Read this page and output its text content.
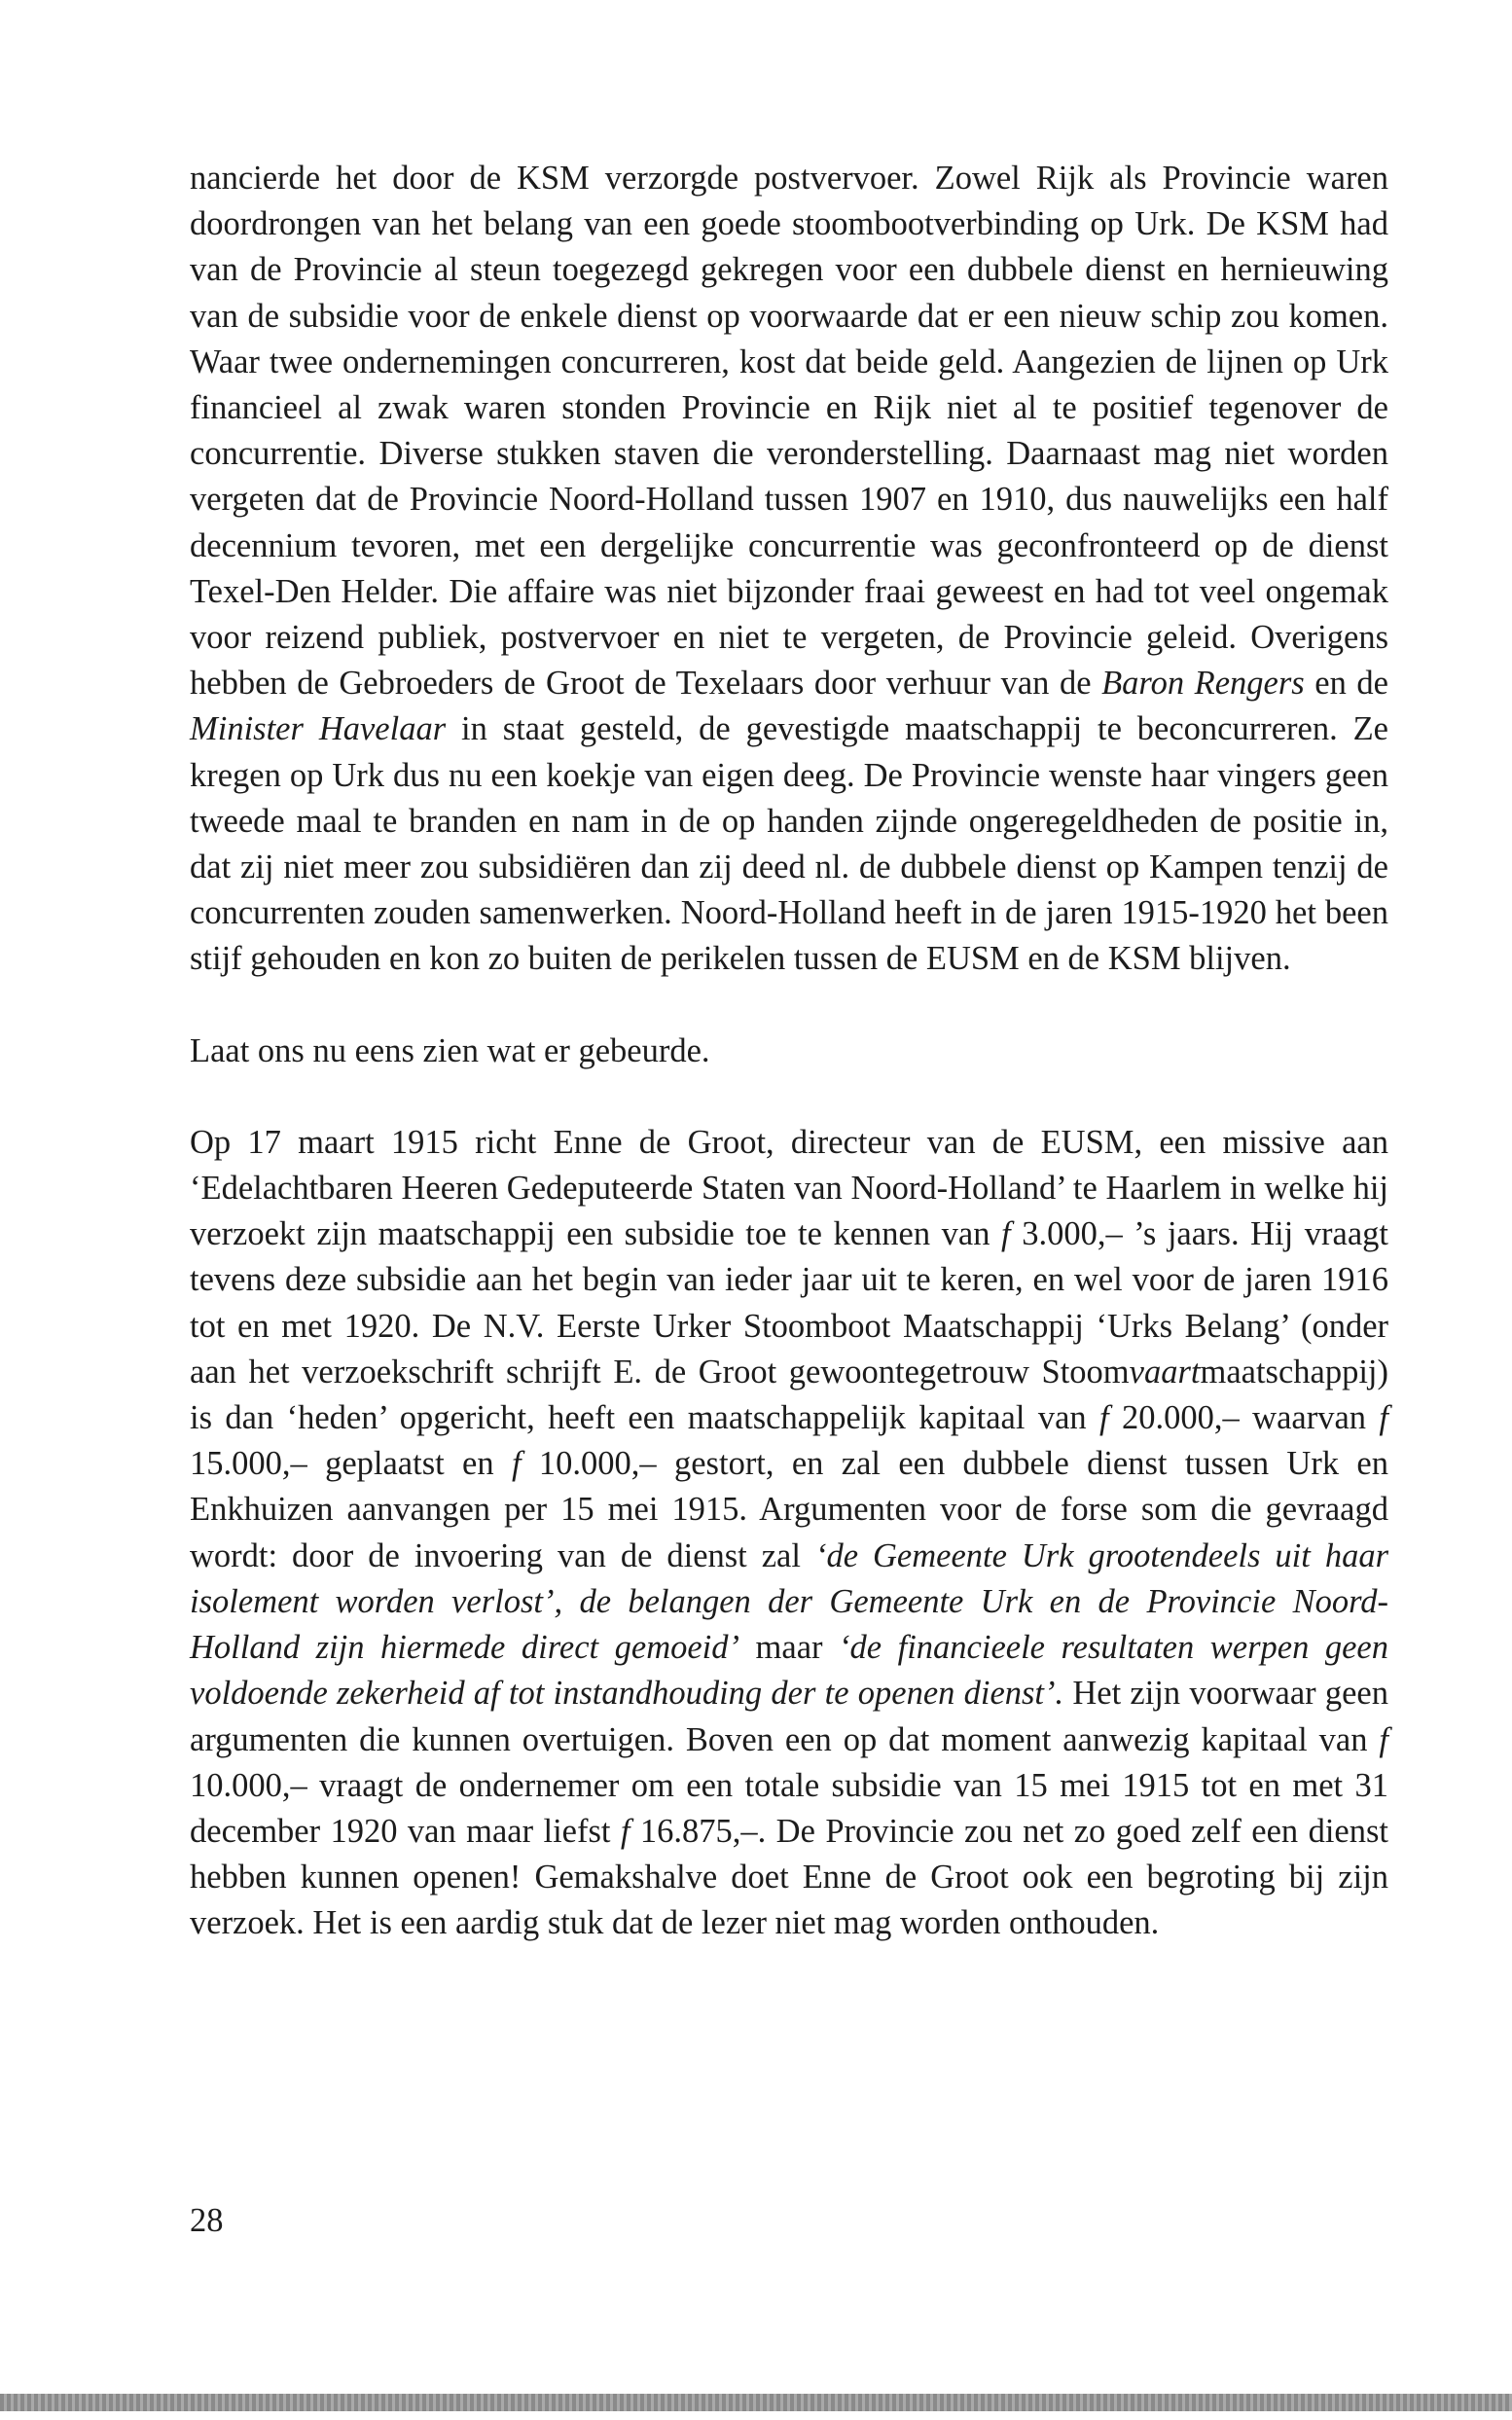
nancierde het door de KSM verzorgde postvervoer. Zowel Rijk als Provincie waren doordrongen van het belang van een goede stoombootverbinding op Urk. De KSM had van de Provincie al steun toegezegd gekregen voor een dubbele dienst en hernieuwing van de subsidie voor de enkele dienst op voorwaarde dat er een nieuw schip zou komen. Waar twee ondernemingen concurreren, kost dat beide geld. Aangezien de lijnen op Urk financieel al zwak waren stonden Provincie en Rijk niet al te positief tegenover de concurrentie. Diverse stukken staven die veronderstelling. Daarnaast mag niet worden vergeten dat de Provincie Noord-Holland tussen 1907 en 1910, dus nauwelijks een half decennium tevoren, met een dergelijke concurrentie was geconfronteerd op de dienst Texel-Den Helder. Die affaire was niet bijzonder fraai geweest en had tot veel ongemak voor reizend publiek, postvervoer en niet te vergeten, de Provincie geleid. Overigens hebben de Gebroeders de Groot de Texelaars door verhuur van de Baron Rengers en de Minister Havelaar in staat gesteld, de gevestigde maatschappij te beconcurreren. Ze kregen op Urk dus nu een koekje van eigen deeg. De Provincie wenste haar vingers geen tweede maal te branden en nam in de op handen zijnde ongeregeldheden de positie in, dat zij niet meer zou subsidiëren dan zij deed nl. de dubbele dienst op Kampen tenzij de concurrenten zouden samenwerken. Noord-Holland heeft in de jaren 1915-1920 het been stijf gehouden en kon zo buiten de perikelen tussen de EUSM en de KSM blijven.

Laat ons nu eens zien wat er gebeurde.

Op 17 maart 1915 richt Enne de Groot, directeur van de EUSM, een missive aan ‘Edelachtbaren Heeren Gedeputeerde Staten van Noord-Holland’ te Haarlem in welke hij verzoekt zijn maatschappij een subsidie toe te kennen van f 3.000,– ’s jaars. Hij vraagt tevens deze subsidie aan het begin van ieder jaar uit te keren, en wel voor de jaren 1916 tot en met 1920. De N.V. Eerste Urker Stoomboot Maatschappij ‘Urks Belang’ (onder aan het verzoekschrift schrijft E. de Groot gewoontegetrouw Stoomvaartmaatschappij) is dan ‘heden’ opgericht, heeft een maatschappelijk kapitaal van f 20.000,– waarvan f 15.000,– geplaatst en f 10.000,– gestort, en zal een dubbele dienst tussen Urk en Enkhuizen aanvangen per 15 mei 1915. Argumenten voor de forse som die gevraagd wordt: door de invoering van de dienst zal ‘de Gemeente Urk grootendeels uit haar isolement worden verlost’, de belangen der Gemeente Urk en de Provincie Noord-Holland zijn hiermede direct gemoeid’ maar ‘de financieele resultaten werpen geen voldoende zekerheid af tot instandhouding der te openen dienst’. Het zijn voorwaar geen argumenten die kunnen overtuigen. Boven een op dat moment aanwezig kapitaal van f 10.000,– vraagt de ondernemer om een totale subsidie van 15 mei 1915 tot en met 31 december 1920 van maar liefst f 16.875,–. De Provincie zou net zo goed zelf een dienst hebben kunnen openen! Gemakshalve doet Enne de Groot ook een begroting bij zijn verzoek. Het is een aardig stuk dat de lezer niet mag worden onthouden.

28
